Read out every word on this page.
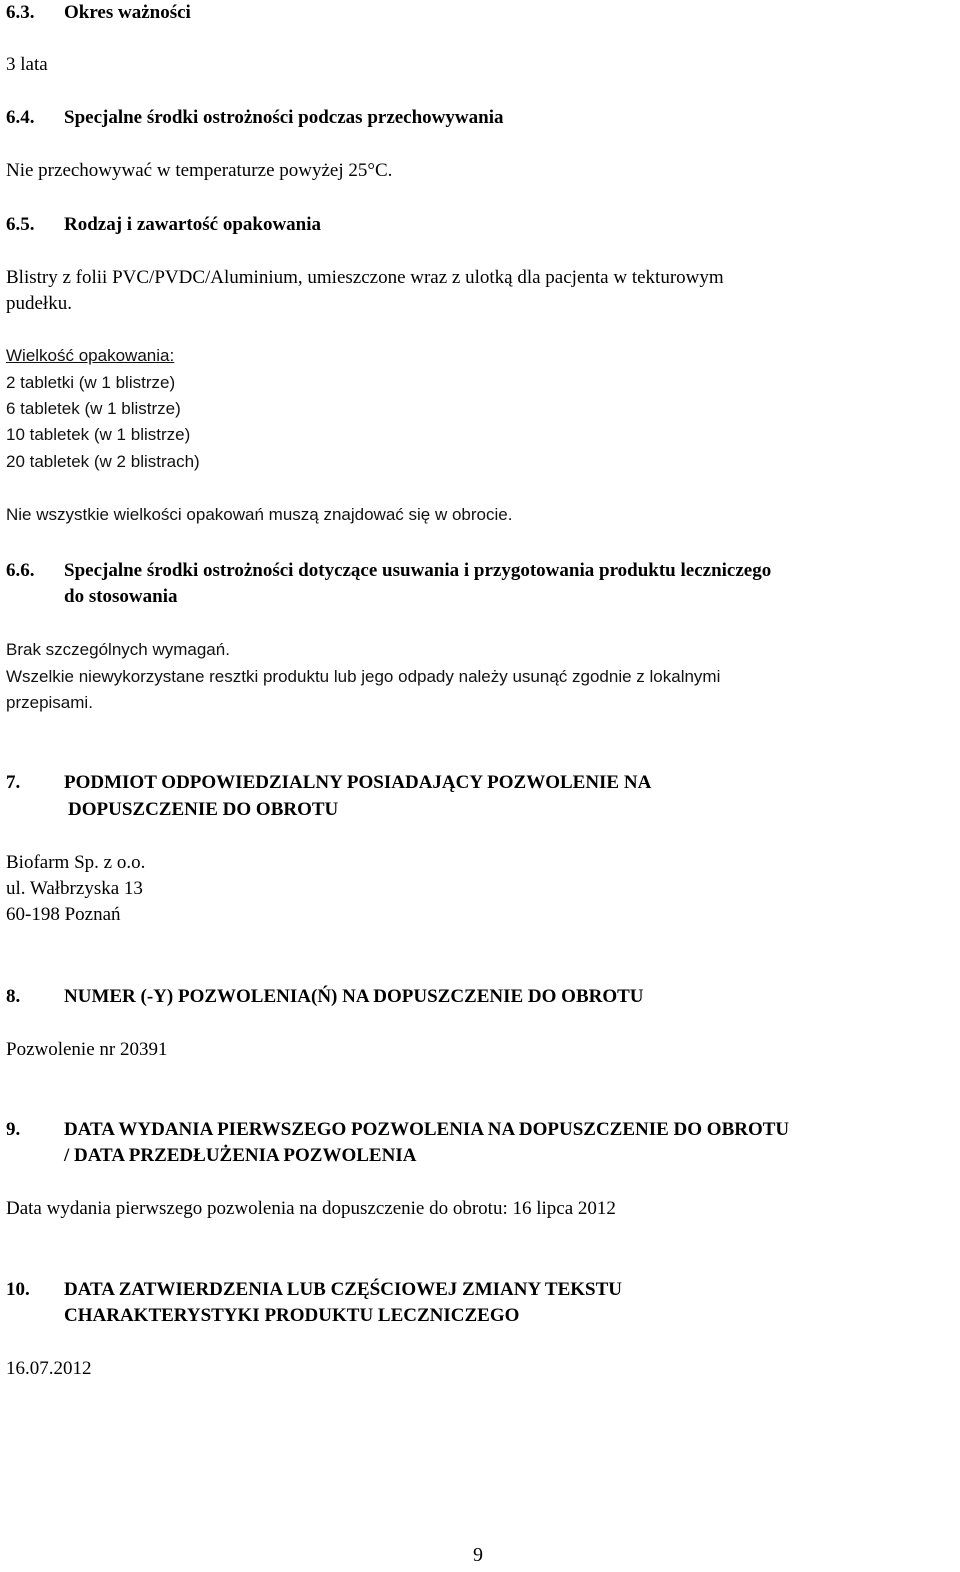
6.3. Okres ważności
3 lata
6.4. Specjalne środki ostrożności podczas przechowywania
Nie przechowywać w temperaturze powyżej 25°C.
6.5. Rodzaj i zawartość opakowania
Blistry z folii PVC/PVDC/Aluminium, umieszczone wraz z ulotką dla pacjenta w tekturowym
pudełku.
Wielkość opakowania:
2 tabletki (w 1 blistrze)
6 tabletek (w 1 blistrze)
10 tabletek (w 1 blistrze)
20 tabletek (w 2 blistrach)
Nie wszystkie wielkości opakowań muszą znajdować się w obrocie.
6.6. Specjalne środki ostrożności dotyczące usuwania i przygotowania produktu leczniczego
do stosowania
Brak szczególnych wymagań.
Wszelkie niewykorzystane resztki produktu lub jego odpady należy usunąć zgodnie z lokalnymi
przepisami.
7. PODMIOT ODPOWIEDZIALNY POSIADAJĄCY POZWOLENIE NA
DOPUSZCZENIE DO OBROTU
Biofarm Sp. z o.o.
ul. Wałbrzyska 13
60-198 Poznań
8. NUMER (-Y) POZWOLENIA(Ń) NA DOPUSZCZENIE DO OBROTU
Pozwolenie nr 20391
9. DATA WYDANIA PIERWSZEGO POZWOLENIA NA DOPUSZCZENIE DO OBROTU
/ DATA PRZEDŁUŻENIA POZWOLENIA
Data wydania pierwszego pozwolenia na dopuszczenie do obrotu: 16 lipca 2012
10. DATA ZATWIERDZENIA LUB CZĘŚCIOWEJ ZMIANY TEKSTU
CHARAKTERYSTYKI PRODUKTU LECZNICZEGO
16.07.2012
9
